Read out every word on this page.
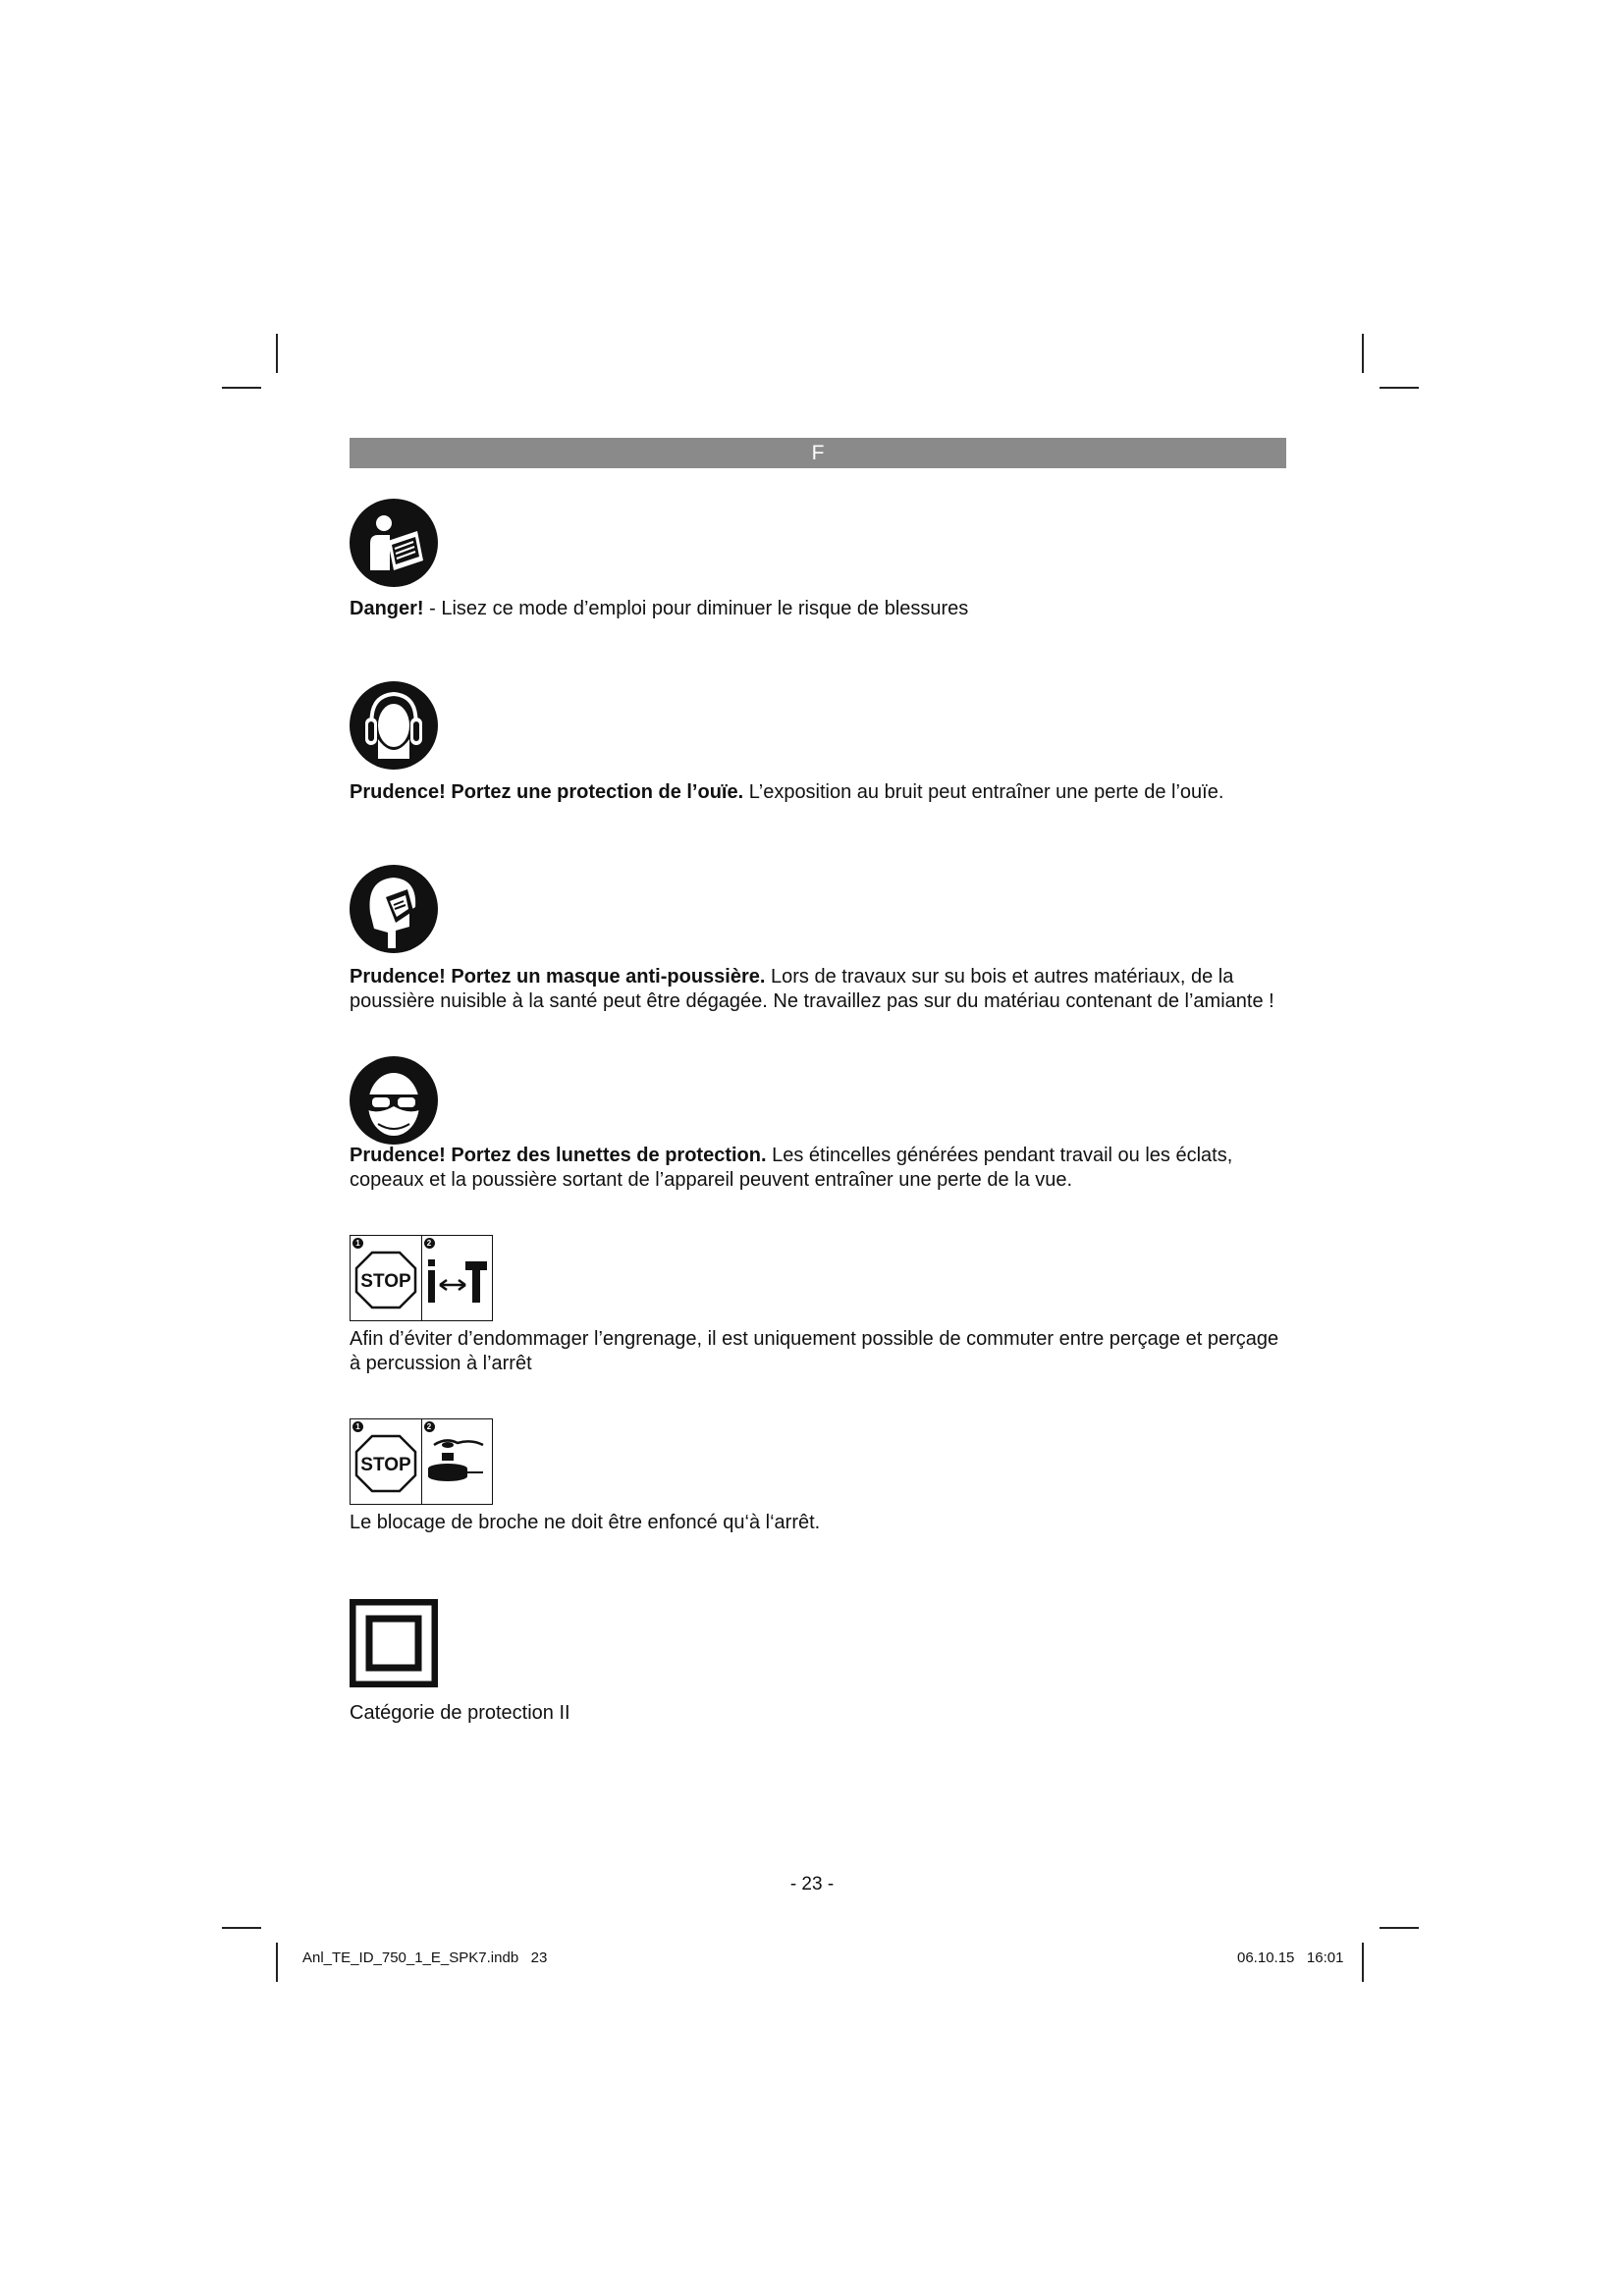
F
Danger! - Lisez ce mode d’emploi pour diminuer le risque de blessures
Prudence! Portez une protection de l’ouïe. L’exposition au bruit peut entraîner une perte de l’ouïe.
Prudence! Portez un masque anti-poussière. Lors de travaux sur su bois et autres matériaux, de la poussière nuisible à la santé peut être dégagée. Ne travaillez pas sur du matériau contenant de l’amiante !
Prudence! Portez des lunettes de protection. Les étincelles générées pendant travail ou les éclats, copeaux et la poussière sortant de l’appareil peuvent entraîner une perte de la vue.
1
STOP
2
Afin d’éviter d’endommager l’engrenage, il est uniquement possible de commuter entre perçage et perçage à percussion à l’arrêt
1
STOP
2
Le blocage de broche ne doit être enfoncé qu‘à l‘arrêt.
Catégorie de protection II
- 23 -
Anl_TE_ID_750_1_E_SPK7.indb   23	06.10.15   16:01
